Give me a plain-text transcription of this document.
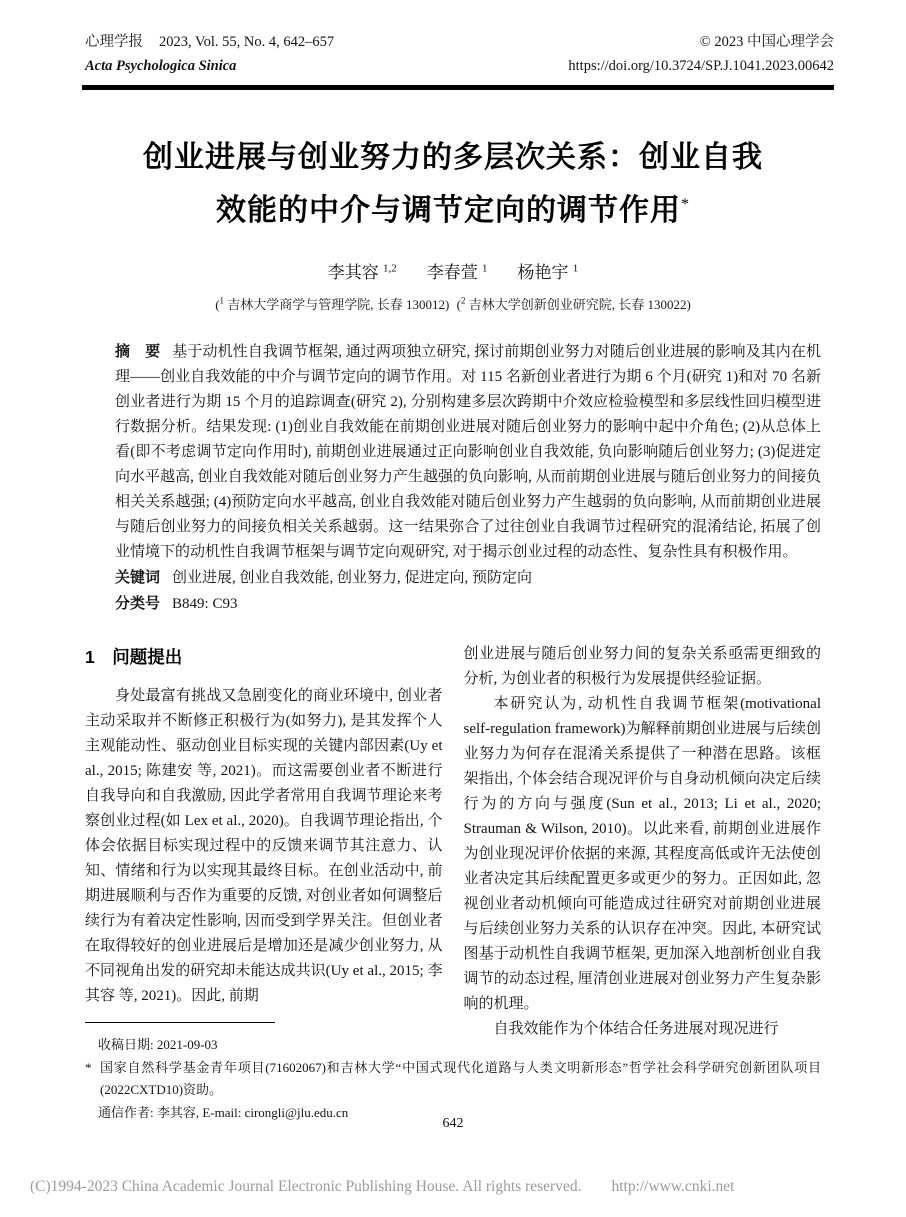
心理学报 2023, Vol. 55, No. 4, 642–657
Acta Psychologica Sinica
© 2023 中国心理学会
https://doi.org/10.3724/SP.J.1041.2023.00642
创业进展与创业努力的多层次关系：创业自我
效能的中介与调节定向的调节作用*
李其容 $^{1,2}$ 李春萱 $^1$ 杨艳宇 $^1$
($^1$ 吉林大学商学与管理学院, 长春 130012) ($^2$ 吉林大学创新创业研究院, 长春 130022)

摘　要 基于动机性自我调节框架, 通过两项独立研究, 探讨前期创业努力对随后创业进展的影响及其内在机理——创业自我效能的中介与调节定向的调节作用。对 115 名新创业者进行为期 6 个月(研究 1)和对 70 名新创业者进行为期 15 个月的追踪调查(研究 2), 分别构建多层次跨期中介效应检验模型和多层线性回归模型进行数据分析。结果发现: (1)创业自我效能在前期创业进展对随后创业努力的影响中起中介角色; (2)从总体上看(即不考虑调节定向作用时), 前期创业进展通过正向影响创业自我效能, 负向影响随后创业努力; (3)促进定向水平越高, 创业自我效能对随后创业努力产生越强的负向影响, 从而前期创业进展与随后创业努力的间接负相关关系越强; (4)预防定向水平越高, 创业自我效能对随后创业努力产生越弱的负向影响, 从而前期创业进展与随后创业努力的间接负相关关系越弱。这一结果弥合了过往创业自我调节过程研究的混淆结论, 拓展了创业情境下的动机性自我调节框架与调节定向观研究, 对于揭示创业过程的动态性、复杂性具有积极作用。

关键词 创业进展, 创业自我效能, 创业努力, 促进定向, 预防定向

分类号 B849: C93

1　问题提出

身处最富有挑战又急剧变化的商业环境中, 创业者主动采取并不断修正积极行为(如努力), 是其发挥个人主观能动性、驱动创业目标实现的关键内部因素(Uy et al., 2015; 陈建安 等, 2021)。而这需要创业者不断进行自我导向和自我激励, 因此学者常用自我调节理论来考察创业过程(如 Lex et al., 2020)。自我调节理论指出, 个体会依据目标实现过程中的反馈来调节其注意力、认知、情绪和行为以实现其最终目标。在创业活动中, 前期进展顺利与否作为重要的反馈, 对创业者如何调整后续行为有着决定性影响, 因而受到学界关注。但创业者在取得较好的创业进展后是增加还是减少创业努力, 从不同视角出发的研究却未能达成共识(Uy et al., 2015; 李其容 等, 2021)。因此, 前期

创业进展与随后创业努力间的复杂关系亟需更细致的分析, 为创业者的积极行为发展提供经验证据。

本研究认为, 动机性自我调节框架(motivational self-regulation framework)为解释前期创业进展与后续创业努力为何存在混淆关系提供了一种潜在思路。该框架指出, 个体会结合现况评价与自身动机倾向决定后续行为的方向与强度(Sun et al., 2013; Li et al., 2020; Strauman & Wilson, 2010)。以此来看, 前期创业进展作为创业现况评价依据的来源, 其程度高低或许无法使创业者决定其后续配置更多或更少的努力。正因如此, 忽视创业者动机倾向可能造成过往研究对前期创业进展与后续创业努力关系的认识存在冲突。因此, 本研究试图基于动机性自我调节框架, 更加深入地剖析创业自我调节的动态过程, 厘清创业进展对创业努力产生复杂影响的机理。

自我效能作为个体结合任务进展对现况进行

收稿日期: 2021-09-03
* 国家自然科学基金青年项目(71602067)和吉林大学“中国式现代化道路与人类文明新形态”哲学社会科学研究创新团队项目(2022CXTD10)资助。
通信作者: 李其容, E-mail: cirongli@jlu.edu.cn
642
(C)1994-2023 China Academic Journal Electronic Publishing House. All rights reserved. http://www.cnki.net
